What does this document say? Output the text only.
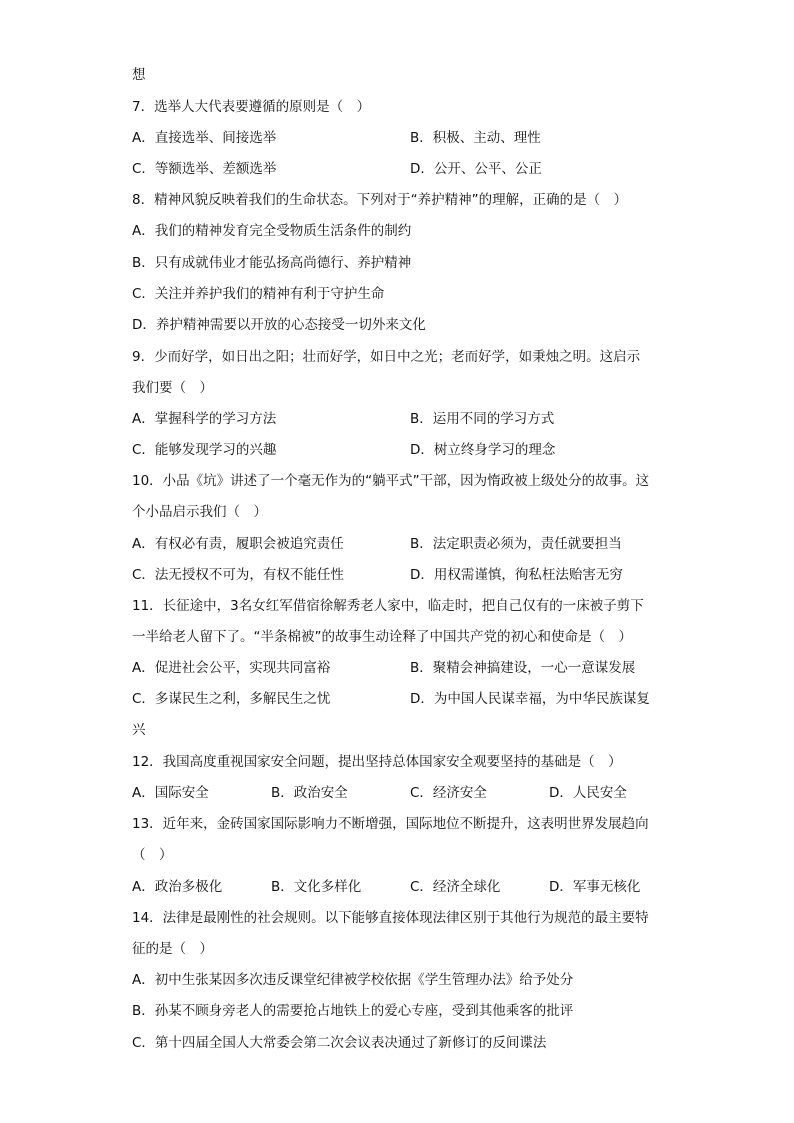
想
7．选举人大代表要遵循的原则是（　）
A．直接选举、间接选举	B．积极、主动、理性
C．等额选举、差额选举	D．公开、公平、公正
8．精神风貌反映着我们的生命状态。下列对于“养护精神”的理解，正确的是（　）
A．我们的精神发育完全受物质生活条件的制约
B．只有成就伟业才能弘扬高尚德行、养护精神
C．关注并养护我们的精神有利于守护生命
D．养护精神需要以开放的心态接受一切外来文化
9．少而好学，如日出之阳；壮而好学，如日中之光；老而好学，如秉烛之明。这启示
我们要（　）
A．掌握科学的学习方法	B．运用不同的学习方式
C．能够发现学习的兴趣	D．树立终身学习的理念
10．小品《坑》讲述了一个毫无作为的“躺平式”干部，因为惰政被上级处分的故事。这
个小品启示我们（　）
A．有权必有责，履职会被追究责任	B．法定职责必须为，责任就要担当
C．法无授权不可为，有权不能任性	D．用权需谨慎，徇私枉法贻害无穷
11．长征途中，3名女红军借宿徐解秀老人家中，临走时，把自己仅有的一床被子剪下
一半给老人留下了。“半条棉被”的故事生动诠释了中国共产党的初心和使命是（　）
A．促进社会公平，实现共同富裕	B．聚精会神搞建设，一心一意谋发展
C．多谋民生之利，多解民生之忧	D．为中国人民谋幸福，为中华民族谋复
兴
12．我国高度重视国家安全问题，提出坚持总体国家安全观要坚持的基础是（　）
A．国际安全	B．政治安全	C．经济安全	D．人民安全
13．近年来，金砖国家国际影响力不断增强，国际地位不断提升，这表明世界发展趋向
（　）
A．政治多极化	B．文化多样化	C．经济全球化	D．军事无核化
14．法律是最刚性的社会规则。以下能够直接体现法律区别于其他行为规范的最主要特
征的是（　）
A．初中生张某因多次违反课堂纪律被学校依据《学生管理办法》给予处分
B．孙某不顾身旁老人的需要抢占地铁上的爱心专座，受到其他乘客的批评
C．第十四届全国人大常委会第二次会议表决通过了新修订的反间谍法
